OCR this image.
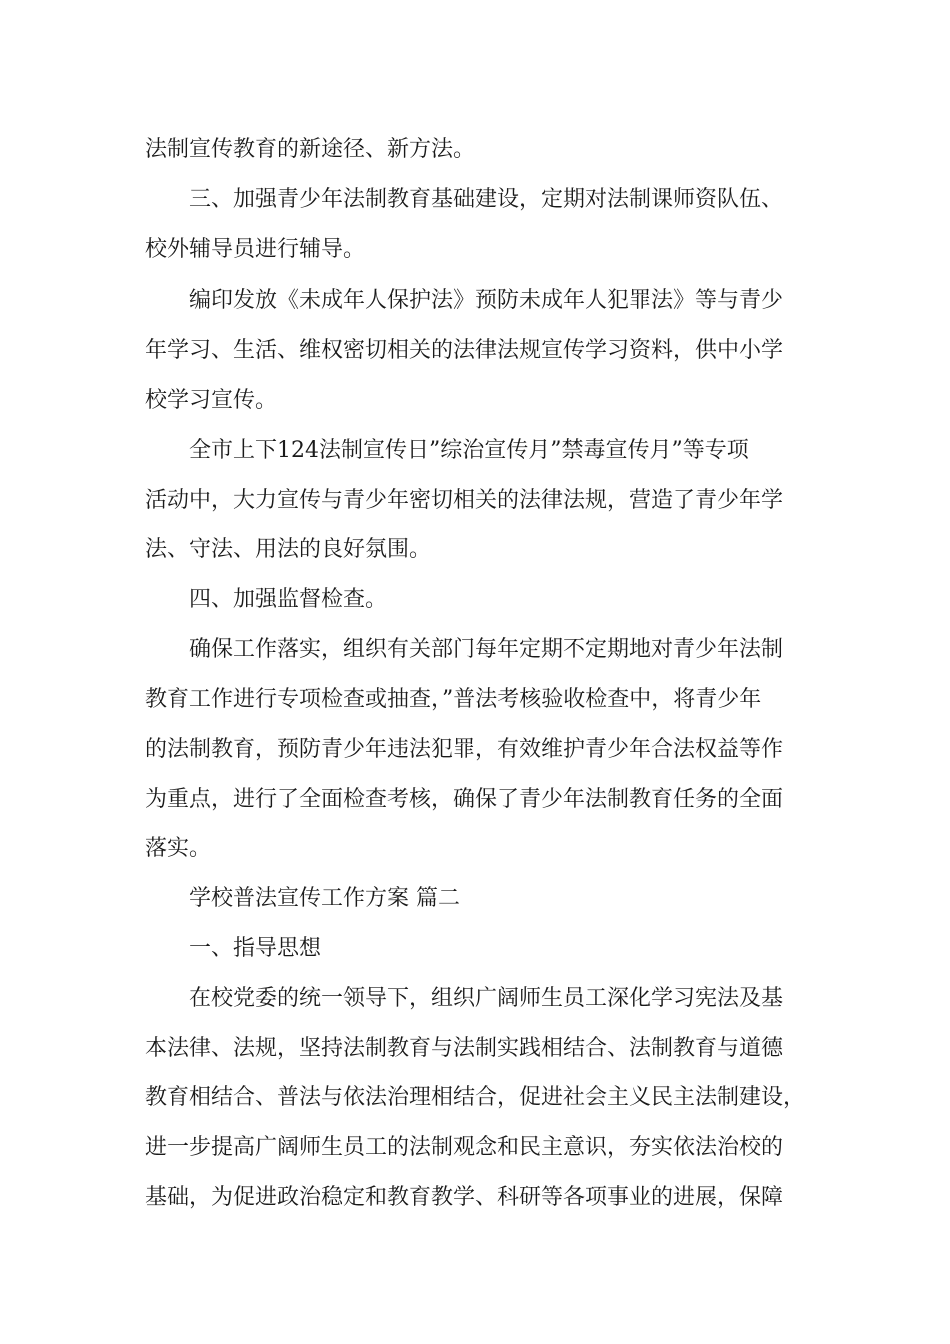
法制宣传教育的新途径、新方法。
三、加强青少年法制教育基础建设，定期对法制课师资队伍、
校外辅导员进行辅导。
编印发放《未成年人保护法》预防未成年人犯罪法》等与青少
年学习、生活、维权密切相关的法律法规宣传学习资料，供中小学
校学习宣传。
全市上下124法制宣传日”综治宣传月”禁毒宣传月”等专项
活动中，大力宣传与青少年密切相关的法律法规，营造了青少年学
法、守法、用法的良好氛围。
四、加强监督检查。
确保工作落实，组织有关部门每年定期不定期地对青少年法制
教育工作进行专项检查或抽查，”普法考核验收检查中，将青少年
的法制教育，预防青少年违法犯罪，有效维护青少年合法权益等作
为重点，进行了全面检查考核，确保了青少年法制教育任务的全面
落实。
学校普法宣传工作方案 篇二
一、指导思想
在校党委的统一领导下，组织广阔师生员工深化学习宪法及基
本法律、法规，坚持法制教育与法制实践相结合、法制教育与道德
教育相结合、普法与依法治理相结合，促进社会主义民主法制建设，
进一步提高广阔师生员工的法制观念和民主意识，夯实依法治校的
基础，为促进政治稳定和教育教学、科研等各项事业的进展，保障
